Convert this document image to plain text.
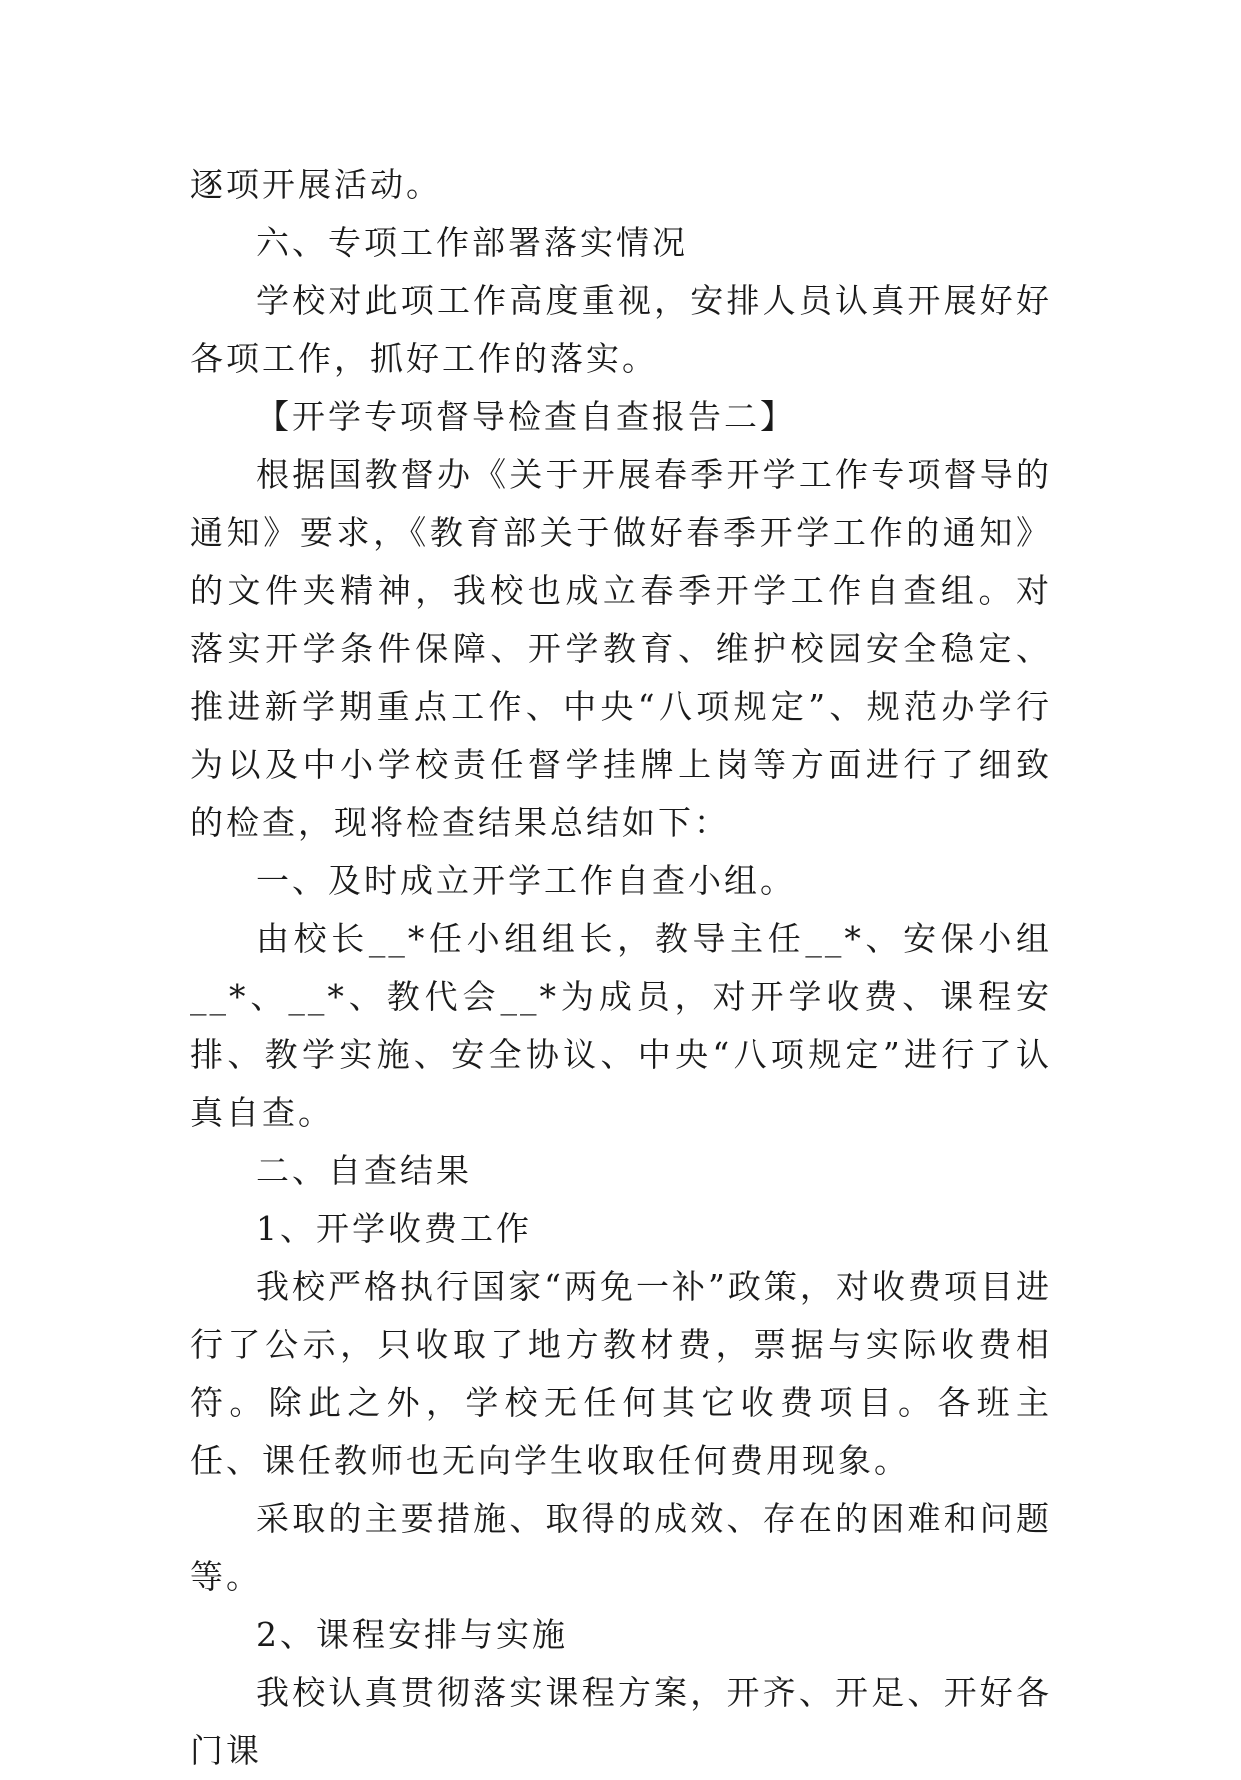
逐项开展活动。

六、专项工作部署落实情况

学校对此项工作高度重视，安排人员认真开展好好各项工作，抓好工作的落实。

【开学专项督导检查自查报告二】

根据国教督办《关于开展春季开学工作专项督导的通知》要求，《教育部关于做好春季开学工作的通知》的文件夹精神，我校也成立春季开学工作自查组。对落实开学条件保障、开学教育、维护校园安全稳定、推进新学期重点工作、中央“八项规定”、规范办学行为以及中小学校责任督学挂牌上岗等方面进行了细致的检查，现将检查结果总结如下：

一、及时成立开学工作自查小组。

由校长__*任小组组长，教导主任__*、安保小组__*、__*、教代会__*为成员，对开学收费、课程安排、教学实施、安全协议、中央“八项规定”进行了认真自查。

二、自查结果

1、开学收费工作

我校严格执行国家“两免一补”政策，对收费项目进行了公示，只收取了地方教材费，票据与实际收费相符。除此之外，学校无任何其它收费项目。各班主任、课任教师也无向学生收取任何费用现象。

采取的主要措施、取得的成效、存在的困难和问题等。

2、课程安排与实施

我校认真贯彻落实课程方案，开齐、开足、开好各门课
